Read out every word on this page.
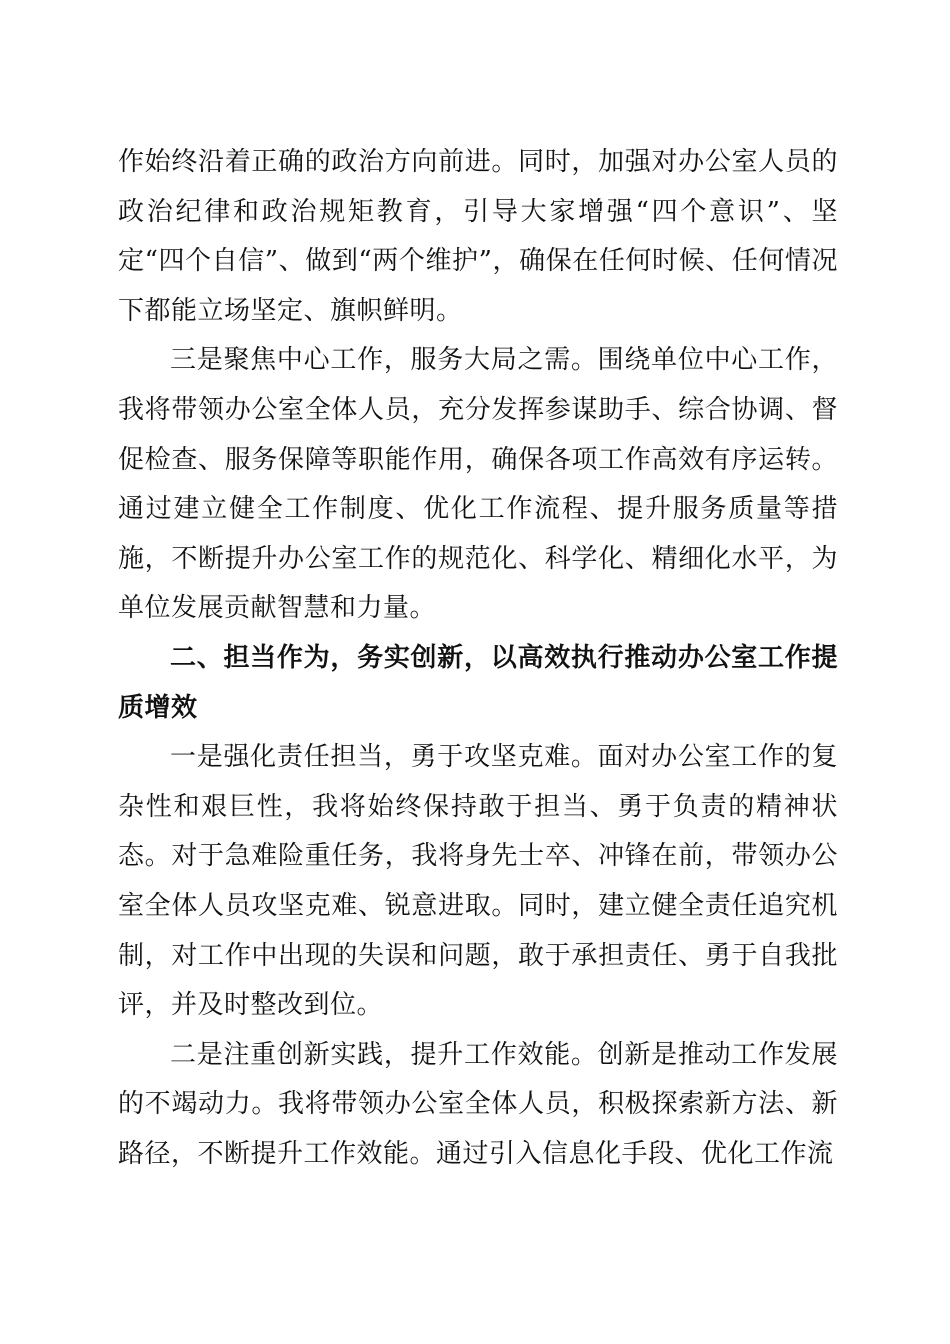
作始终沿着正确的政治方向前进。同时，加强对办公室人员的政治纪律和政治规矩教育，引导大家增强“四个意识”、坚定“四个自信”、做到“两个维护”，确保在任何时候、任何情况下都能立场坚定、旗帜鲜明。

三是聚焦中心工作，服务大局之需。围绕单位中心工作，我将带领办公室全体人员，充分发挥参谋助手、综合协调、督促检查、服务保障等职能作用，确保各项工作高效有序运转。通过建立健全工作制度、优化工作流程、提升服务质量等措施，不断提升办公室工作的规范化、科学化、精细化水平，为单位发展贡献智慧和力量。

二、担当作为，务实创新，以高效执行推动办公室工作提质增效

一是强化责任担当，勇于攻坚克难。面对办公室工作的复杂性和艰巨性，我将始终保持敢于担当、勇于负责的精神状态。对于急难险重任务，我将身先士卒、冲锋在前，带领办公室全体人员攻坚克难、锐意进取。同时，建立健全责任追究机制，对工作中出现的失误和问题，敢于承担责任、勇于自我批评，并及时整改到位。

二是注重创新实践，提升工作效能。创新是推动工作发展的不竭动力。我将带领办公室全体人员，积极探索新方法、新路径，不断提升工作效能。通过引入信息化手段、优化工作流
